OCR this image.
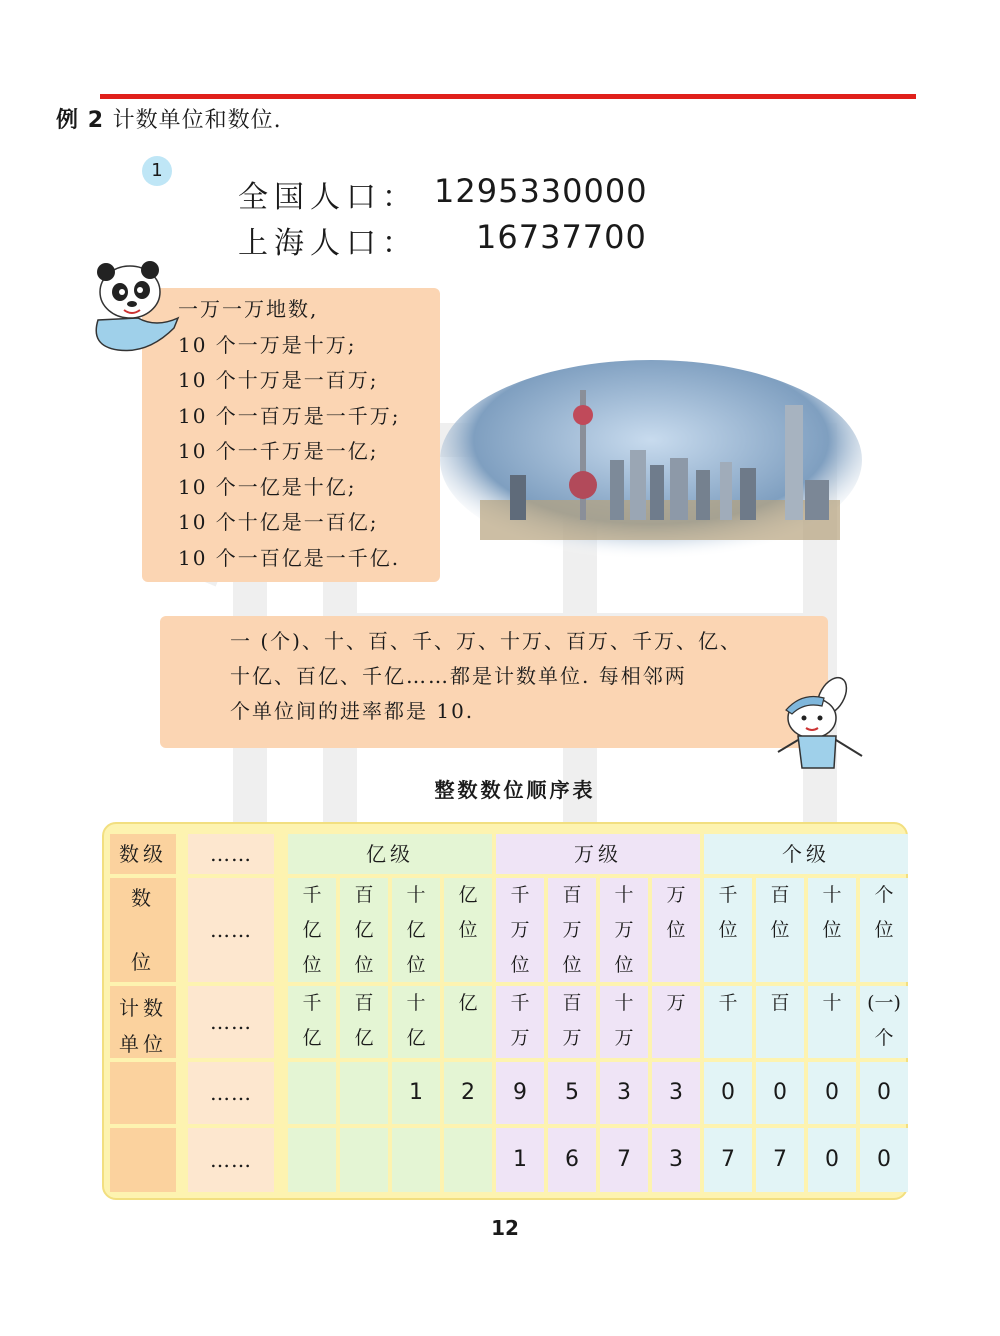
例 2 计数单位和数位.
1
全国人口： 1295330000
上海人口： 16737700
一万一万地数,
10 个一万是十万;
10 个十万是一百万;
10 个一百万是一千万;
10 个一千万是一亿;
10 个一亿是十亿;
10 个十亿是一百亿;
10 个一百亿是一千亿.
一 (个)、十、百、千、万、十万、百万、千万、亿、
十亿、百亿、千亿……都是计数单位. 每相邻两
个单位间的进率都是 10.
整数数位顺序表
数级
数

位
计数
单位
……
……
……
……
……
亿级	万级	个级
千
亿
位
千
亿
百
亿
位
百
亿
十
亿
位
十
亿
1
亿
位
亿
2
千
万
位
千
万
9
1
百
万
位
百
万
5
6
十
万
位
十
万
3
7
万
位
万
3
3
千
位
千
0
7
百
位
百
0
7
十
位
十
0
0
个
位
(一)
个
0
0
12
